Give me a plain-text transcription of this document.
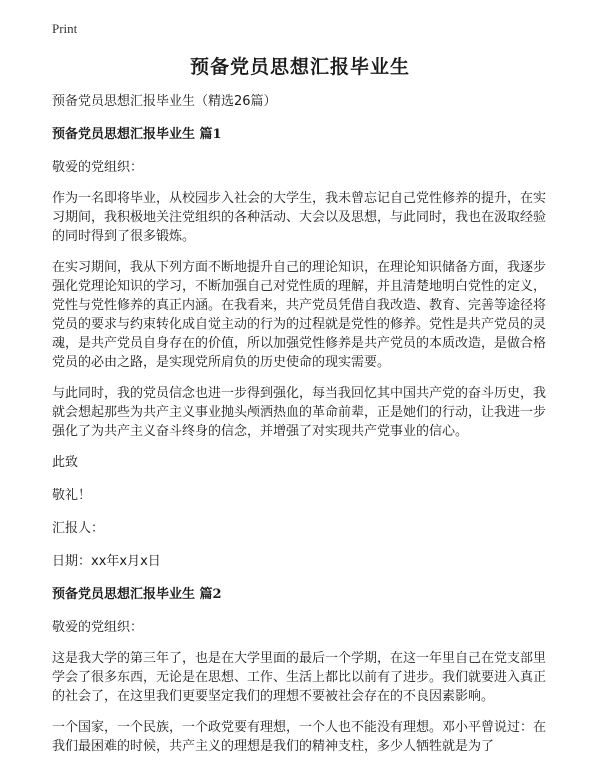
Print
预备党员思想汇报毕业生

预备党员思想汇报毕业生（精选26篇）

预备党员思想汇报毕业生 篇1

敬爱的党组织：

作为一名即将毕业，从校园步入社会的大学生，我未曾忘记自己党性修养的提升，在实习期间，我积极地关注党组织的各种活动、大会以及思想，与此同时，我也在汲取经验的同时得到了很多锻炼。

在实习期间，我从下列方面不断地提升自己的理论知识，在理论知识储备方面，我逐步强化党理论知识的学习，不断加强自己对党性质的理解，并且清楚地明白党性的定义，党性与党性修养的真正内涵。在我看来，共产党员凭借自我改造、教育、完善等途径将党员的要求与约束转化成自觉主动的行为的过程就是党性的修养。党性是共产党员的灵魂，是共产党员自身存在的价值，所以加强党性修养是共产党员的本质改造，是做合格党员的必由之路，是实现党所肩负的历史使命的现实需要。

与此同时，我的党员信念也进一步得到强化，每当我回忆其中国共产党的奋斗历史，我就会想起那些为共产主义事业抛头颅洒热血的革命前辈，正是她们的行动，让我进一步强化了为共产主义奋斗终身的信念，并增强了对实现共产党事业的信心。

此致

敬礼！

汇报人：

日期：xx年x月x日

预备党员思想汇报毕业生 篇2

敬爱的党组织：

这是我大学的第三年了，也是在大学里面的最后一个学期，在这一年里自己在党支部里学会了很多东西，无论是在思想、工作、生活上都比以前有了进步。我们就要进入真正的社会了，在这里我们更要坚定我们的理想不要被社会存在的不良因素影响。

一个国家，一个民族，一个政党要有理想，一个人也不能没有理想。邓小平曾说过：在我们最困难的时候，共产主义的理想是我们的精神支柱，多少人牺牲就是为了
